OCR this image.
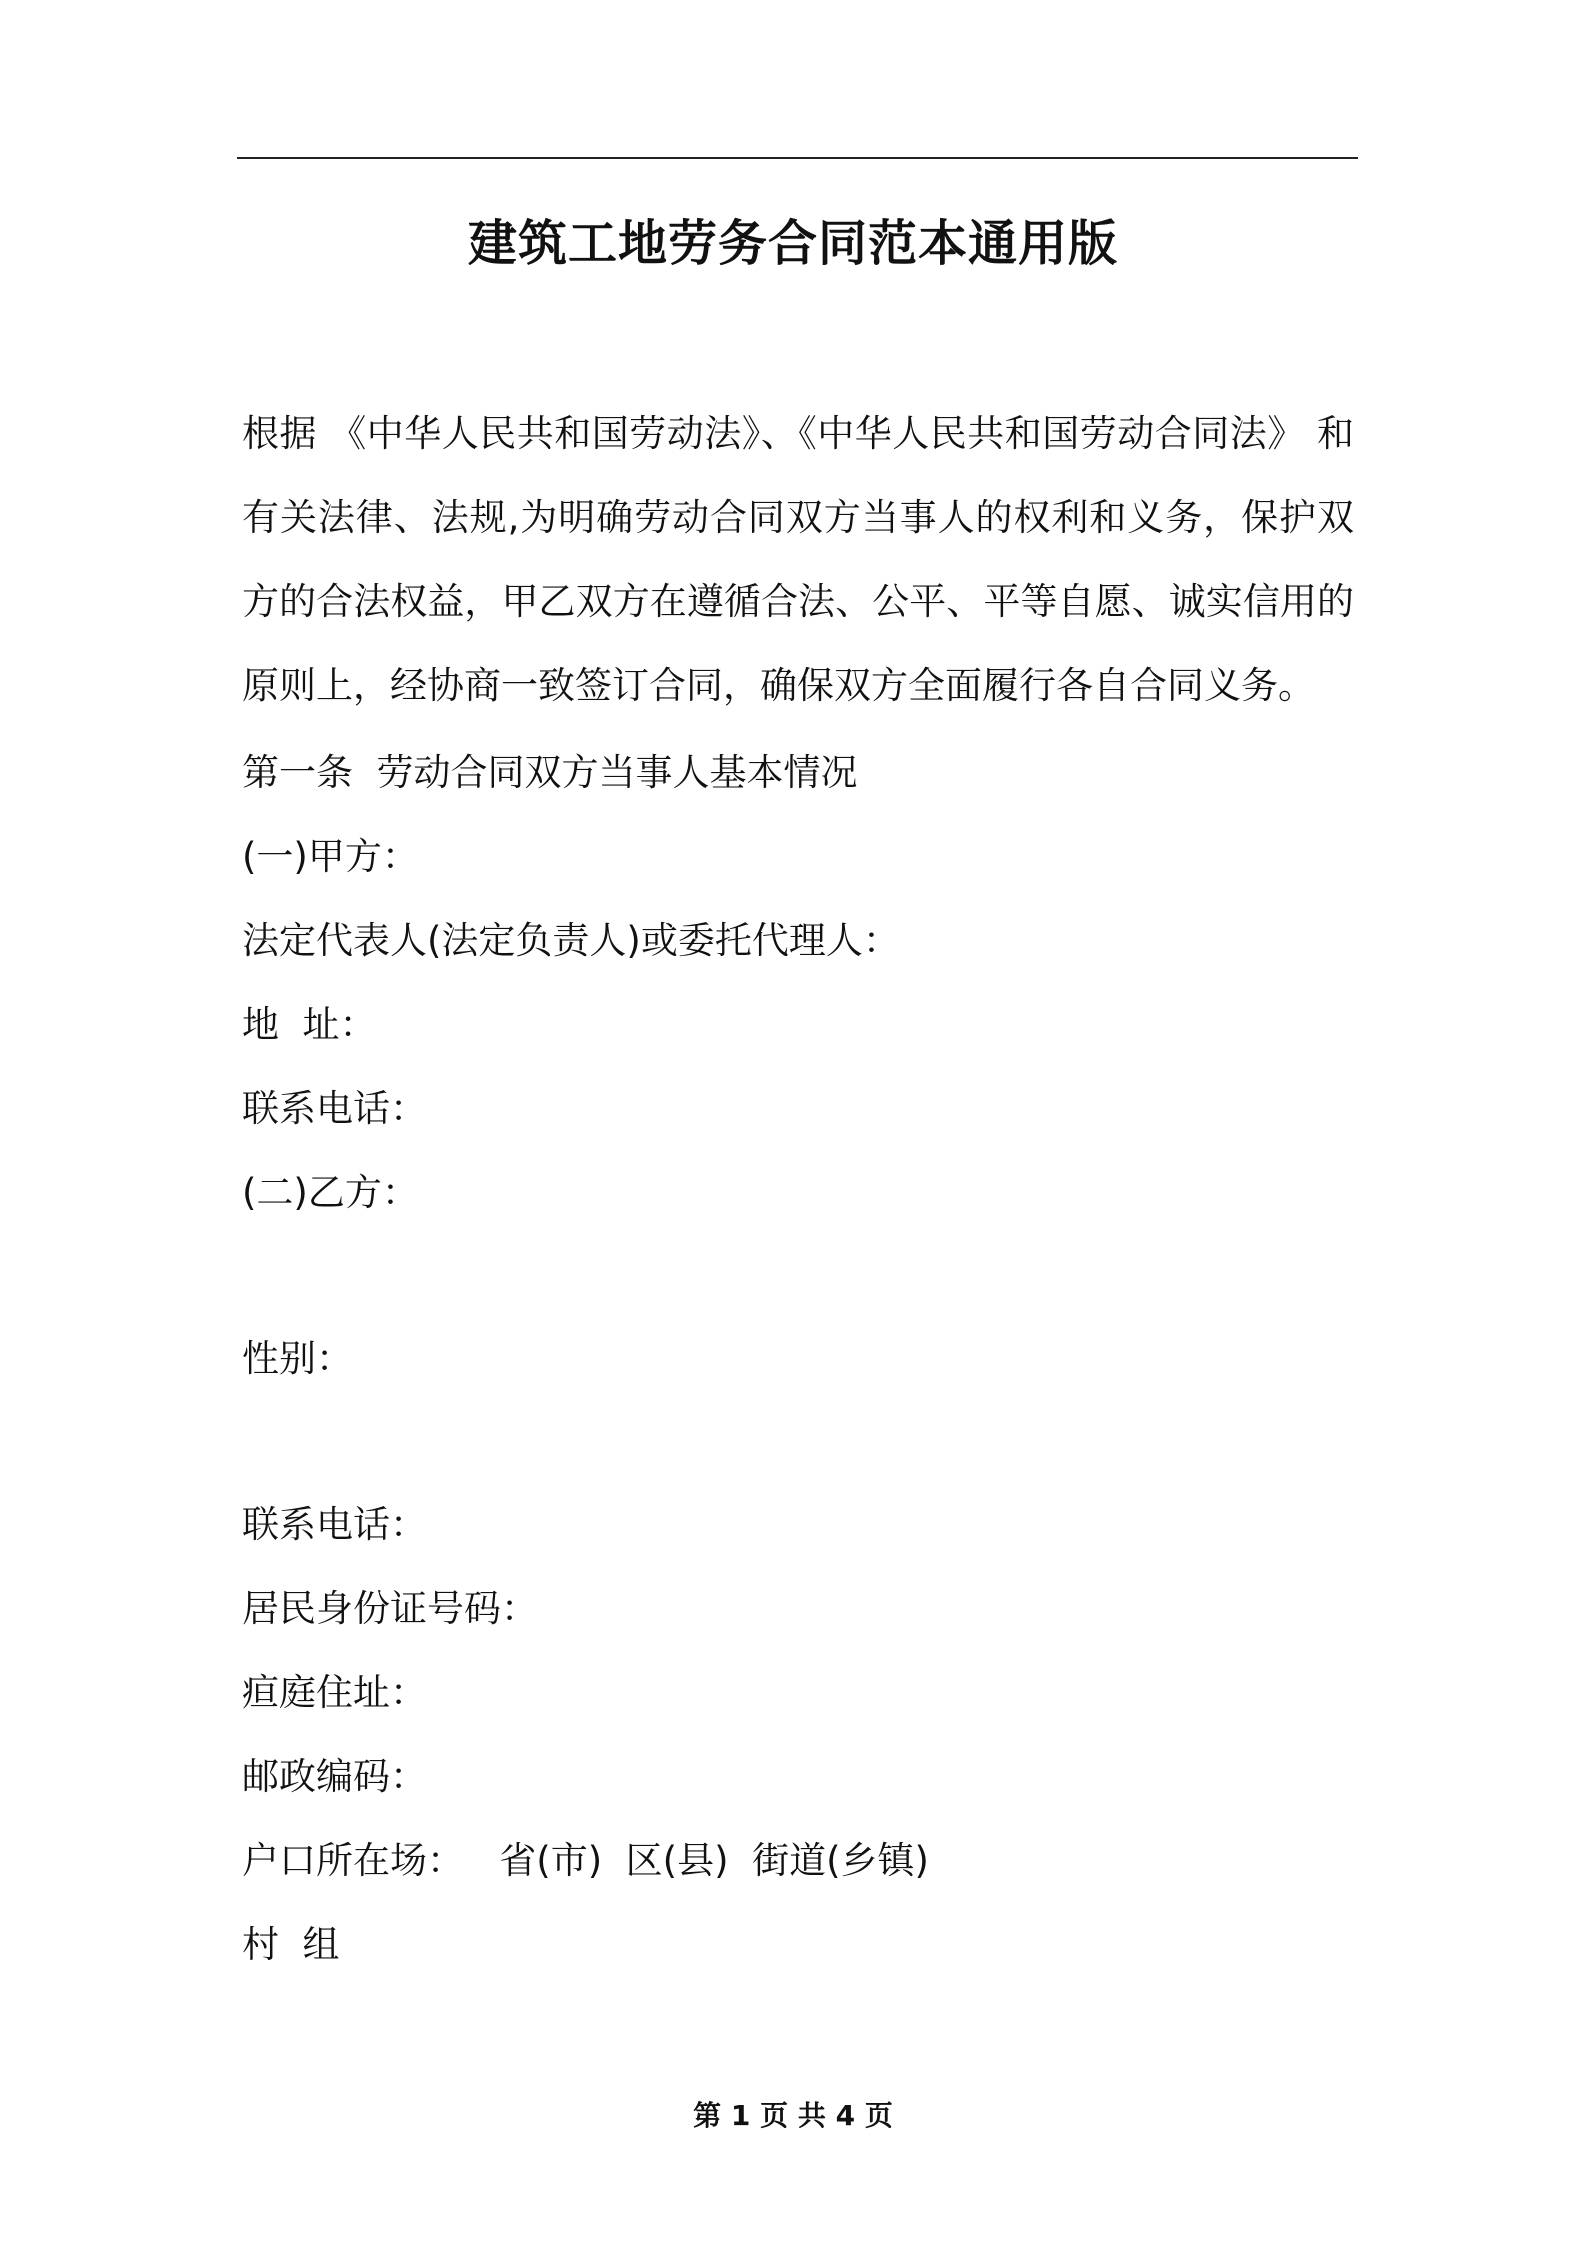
建筑工地劳务合同范本通用版
根据 《中华人民共和国劳动法》、《中华人民共和国劳动合同法》 和
有关法律、法规,为明确劳动合同双方当事人的权利和义务，保护双
方的合法权益，甲乙双方在遵循合法、公平、平等自愿、诚实信用的
原则上，经协商一致签订合同，确保双方全面履行各自合同义务。
第一条  劳动合同双方当事人基本情况
(一)甲方：
法定代表人(法定负责人)或委托代理人：
地  址：
联系电话：
(二)乙方：
性别：
联系电话：
居民身份证号码：
疸庭住址：
邮政编码：
户口所在场：   省(市)  区(县)  街道(乡镇)
村  组
第 1 页 共 4 页
